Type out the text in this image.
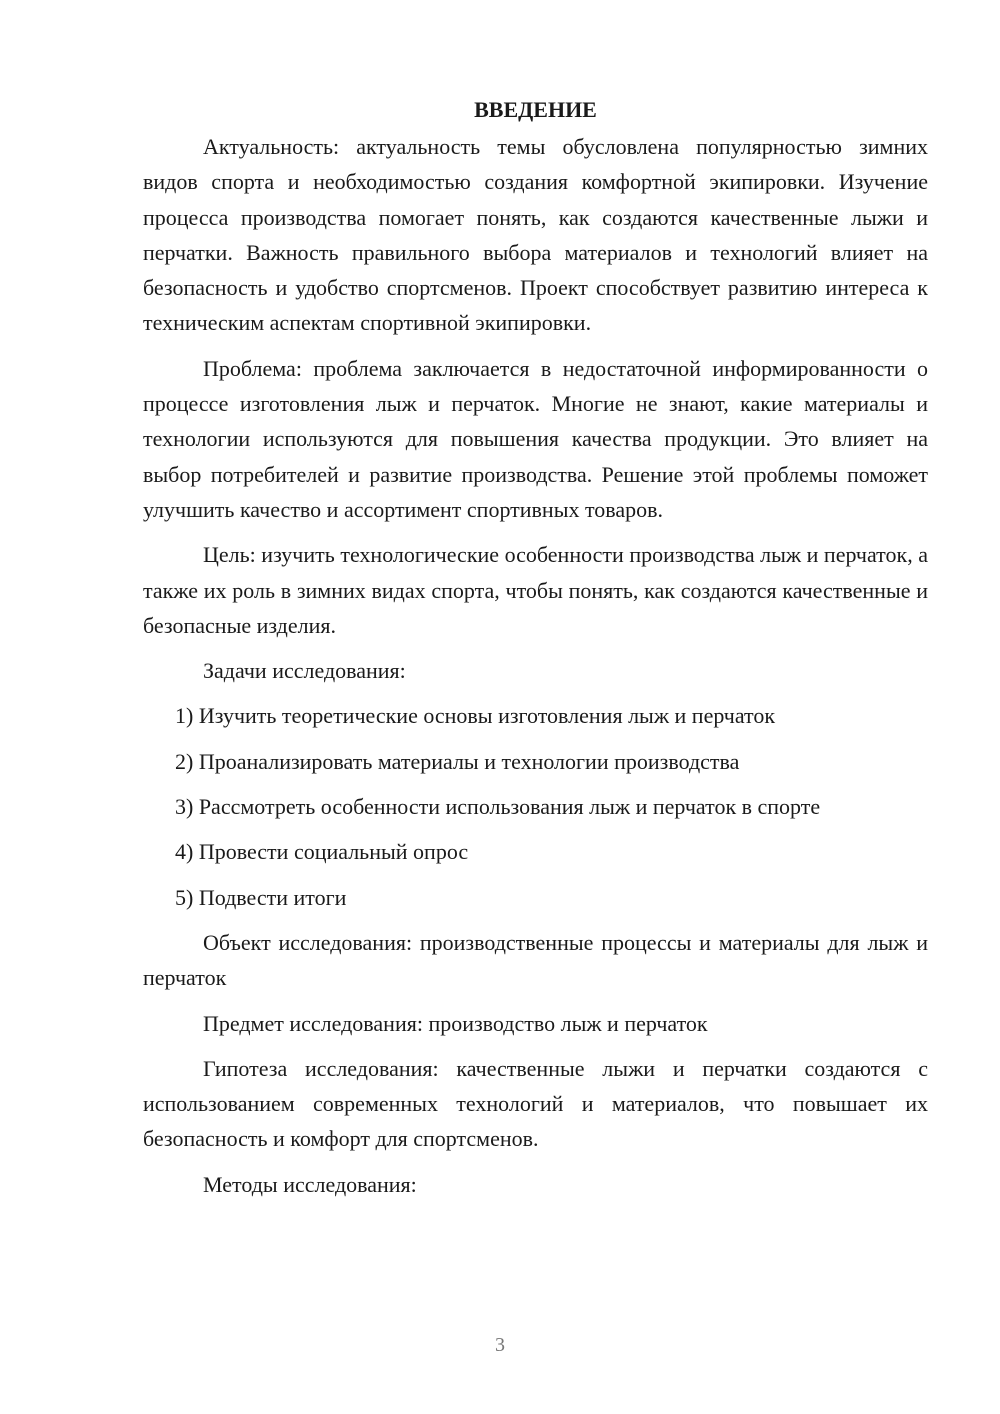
ВВЕДЕНИЕ

Актуальность: актуальность темы обусловлена популярностью зимних видов спорта и необходимостью создания комфортной экипировки. Изучение процесса производства помогает понять, как создаются качественные лыжи и перчатки. Важность правильного выбора материалов и технологий влияет на безопасность и удобство спортсменов. Проект способствует развитию интереса к техническим аспектам спортивной экипировки.

Проблема: проблема заключается в недостаточной информированности о процессе изготовления лыж и перчаток. Многие не знают, какие материалы и технологии используются для повышения качества продукции. Это влияет на выбор потребителей и развитие производства. Решение этой проблемы поможет улучшить качество и ассортимент спортивных товаров.

Цель: изучить технологические особенности производства лыж и перчаток, а также их роль в зимних видах спорта, чтобы понять, как создаются качественные и безопасные изделия.

Задачи исследования:

1) Изучить теоретические основы изготовления лыж и перчаток

2) Проанализировать материалы и технологии производства

3) Рассмотреть особенности использования лыж и перчаток в спорте

4) Провести социальный опрос

5) Подвести итоги

Объект исследования: производственные процессы и материалы для лыж и перчаток

Предмет исследования: производство лыж и перчаток

Гипотеза исследования: качественные лыжи и перчатки создаются с использованием современных технологий и материалов, что повышает их безопасность и комфорт для спортсменов.

Методы исследования:

3
